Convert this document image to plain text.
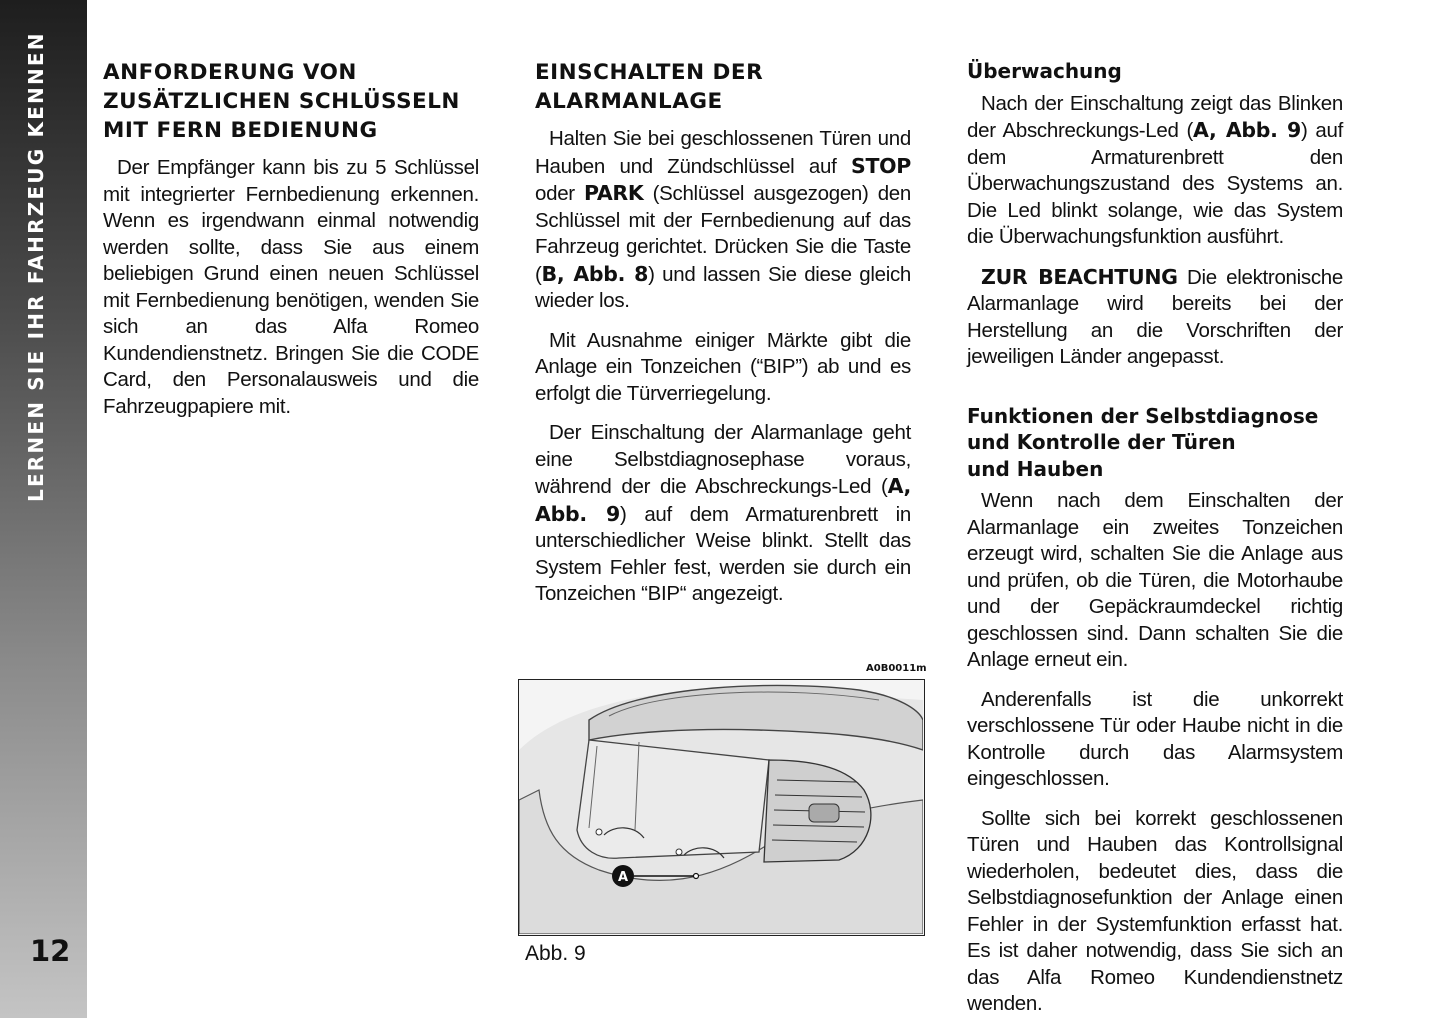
LERNEN SIE IHR FAHRZEUG KENNEN
12
ANFORDERUNG VON
ZUSÄTZLICHEN SCHLÜSSELN
MIT FERN BEDIENUNG

Der Empfänger kann bis zu 5 Schlüssel mit integrierter Fernbedienung erkennen. Wenn es irgendwann einmal notwendig werden sollte, dass Sie aus einem beliebigen Grund einen neuen Schlüssel mit Fernbedienung benötigen, wenden Sie sich an das Alfa Romeo Kundendienstnetz. Bringen Sie die CODE Card, den Personalausweis und die Fahrzeugpapiere mit.

EINSCHALTEN DER
ALARMANLAGE

Halten Sie bei geschlossenen Türen und Hauben und Zündschlüssel auf STOP oder PARK (Schlüssel ausgezogen) den Schlüssel mit der Fernbedienung auf das Fahrzeug gerichtet. Drücken Sie die Taste (B, Abb. 8) und lassen Sie diese gleich wieder los.

Mit Ausnahme einiger Märkte gibt die Anlage ein Tonzeichen (“BIP”) ab und es erfolgt die Türverriegelung.

Der Einschaltung der Alarmanlage geht eine Selbstdiagnosephase voraus, während der die Abschreckungs-Led (A, Abb. 9) auf dem Armaturenbrett in unterschiedlicher Weise blinkt. Stellt das System Fehler fest, werden sie durch ein Tonzeichen “BIP“ angezeigt.

A0B0011m
A
Abb. 9
Überwachung

Nach der Einschaltung zeigt das Blinken der Abschreckungs-Led (A, Abb. 9) auf dem Armaturenbrett den Überwachungszustand des Systems an. Die Led blinkt solange, wie das System die Überwachungsfunktion ausführt.

ZUR BEACHTUNG Die elektronische Alarmanlage wird bereits bei der Herstellung an die Vorschriften der jeweiligen Länder angepasst.

Funktionen der Selbstdiagnose
und Kontrolle der Türen
und Hauben

Wenn nach dem Einschalten der Alarmanlage ein zweites Tonzeichen erzeugt wird, schalten Sie die Anlage aus und prüfen, ob die Türen, die Motorhaube und der Gepäckraumdeckel richtig geschlossen sind. Dann schalten Sie die Anlage erneut ein.

Anderenfalls ist die unkorrekt verschlossene Tür oder Haube nicht in die Kontrolle durch das Alarmsystem eingeschlossen.

Sollte sich bei korrekt geschlossenen Türen und Hauben das Kontrollsignal wiederholen, bedeutet dies, dass die Selbstdiagnosefunktion der Anlage einen Fehler in der Systemfunktion erfasst hat. Es ist daher notwendig, dass Sie sich an das Alfa Romeo Kundendienstnetz wenden.
